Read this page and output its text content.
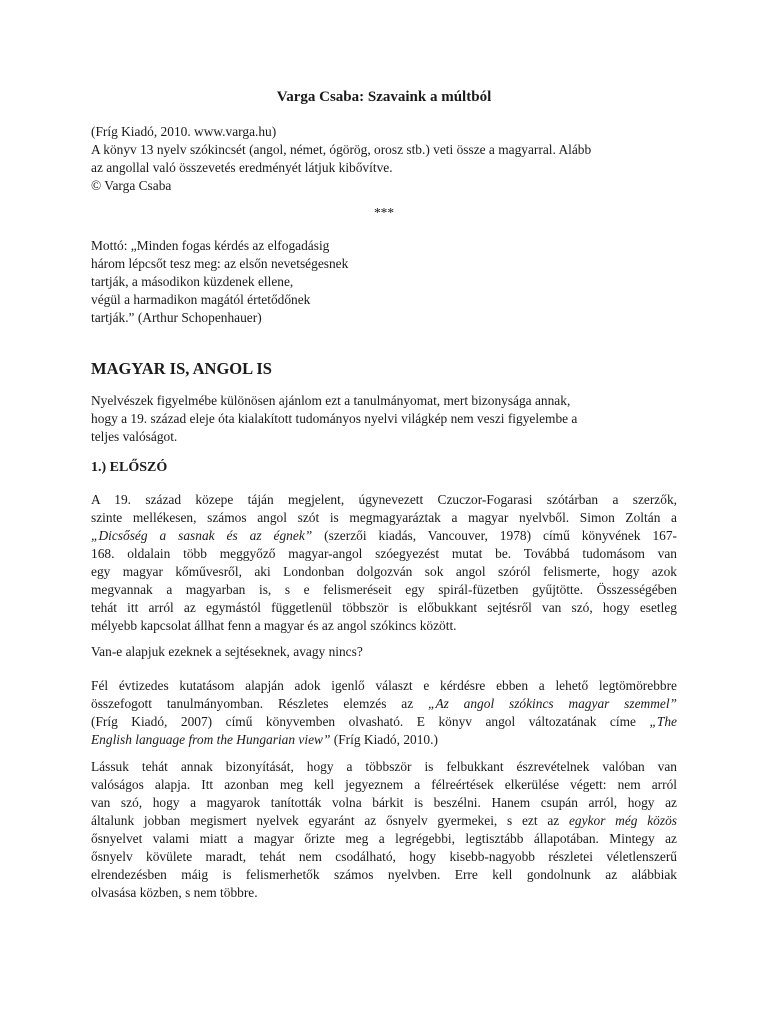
Varga Csaba: Szavaink a múltból
(Fríg Kiadó, 2010. www.varga.hu)
A könyv 13 nyelv szókincsét (angol, német, ógörög, orosz stb.) veti össze a magyarral. Alább
az angollal való összevetés eredményét látjuk kibővítve.
© Varga Csaba
***
Mottó: „Minden fogas kérdés az elfogadásig
három lépcsőt tesz meg: az elsőn nevetségesnek
tartják, a másodikon küzdenek ellene,
végül a harmadikon magától értetődőnek
tartják.” (Arthur Schopenhauer)
MAGYAR IS, ANGOL IS
Nyelvészek figyelmébe különösen ajánlom ezt a tanulmányomat, mert bizonysága annak,
hogy a 19. század eleje óta kialakított tudományos nyelvi világkép nem veszi figyelembe a
teljes valóságot.
1.) ELŐSZÓ
A 19. század közepe táján megjelent, úgynevezett Czuczor-Fogarasi szótárban a szerzők,
szinte mellékesen, számos angol szót is megmagyaráztak a magyar nyelvből. Simon Zoltán a
„Dicsőség a sasnak és az égnek” (szerzői kiadás, Vancouver, 1978) című könyvének 167-
168. oldalain több meggyőző magyar-angol szóegyezést mutat be. Továbbá tudomásom van
egy magyar kőművesről, aki Londonban dolgozván sok angol szóról felismerte, hogy azok
megvannak a magyarban is, s e felismeréseit egy spirál-füzetben gyűjtötte. Összességében
tehát itt arról az egymástól függetlenül többször is előbukkant sejtésről van szó, hogy esetleg
mélyebb kapcsolat állhat fenn a magyar és az angol szókincs között.
Van-e alapjuk ezeknek a sejtéseknek, avagy nincs?
Fél évtizedes kutatásom alapján adok igenlő választ e kérdésre ebben a lehető legtömörebbre
összefogott tanulmányomban. Részletes elemzés az „Az angol szókincs magyar szemmel”
(Fríg Kiadó, 2007) című könyvemben olvasható. E könyv angol változatának címe „The
English language from the Hungarian view” (Fríg Kiadó, 2010.)
Lássuk tehát annak bizonyítását, hogy a többször is felbukkant észrevételnek valóban van
valóságos alapja. Itt azonban meg kell jegyeznem a félreértések elkerülése végett: nem arról
van szó, hogy a magyarok tanították volna bárkit is beszélni. Hanem csupán arról, hogy az
általunk jobban megismert nyelvek egyaránt az ősnyelv gyermekei, s ezt az egykor még közös
ősnyelvet valami miatt a magyar őrizte meg a legrégebbi, legtisztább állapotában. Mintegy az
ősnyelv kövülete maradt, tehát nem csodálható, hogy kisebb-nagyobb részletei véletlenszerű
elrendezésben máig is felismerhetők számos nyelvben. Erre kell gondolnunk az alábbiak
olvasása közben, s nem többre.
